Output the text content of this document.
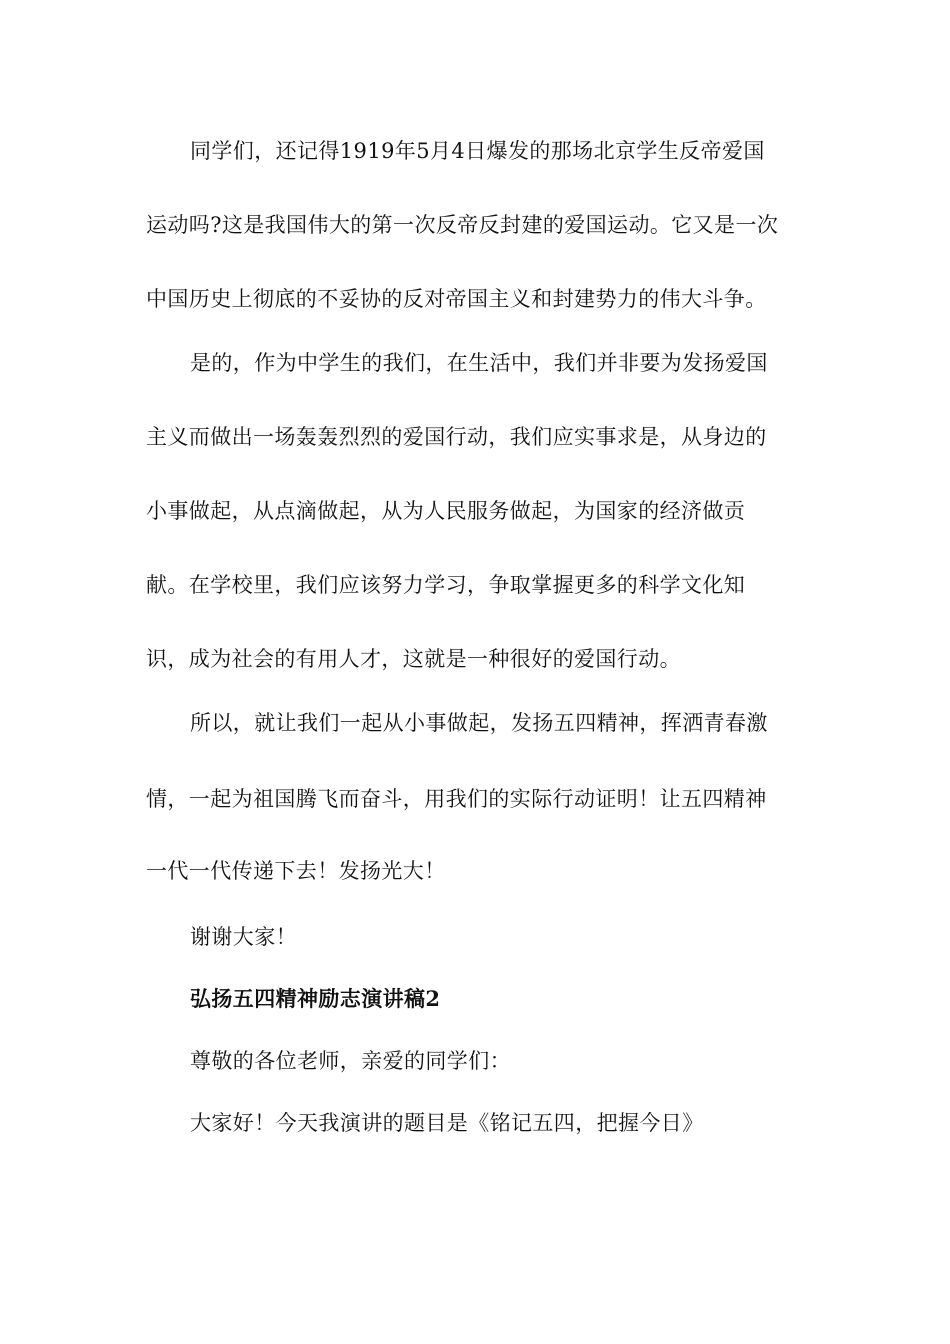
同学们，还记得1919年5月4日爆发的那场北京学生反帝爱国
运动吗?这是我国伟大的第一次反帝反封建的爱国运动。它又是一次
中国历史上彻底的不妥协的反对帝国主义和封建势力的伟大斗争。
是的，作为中学生的我们，在生活中，我们并非要为发扬爱国
主义而做出一场轰轰烈烈的爱国行动，我们应实事求是，从身边的
小事做起，从点滴做起，从为人民服务做起，为国家的经济做贡
献。在学校里，我们应该努力学习，争取掌握更多的科学文化知
识，成为社会的有用人才，这就是一种很好的爱国行动。
所以，就让我们一起从小事做起，发扬五四精神，挥洒青春激
情，一起为祖国腾飞而奋斗，用我们的实际行动证明！让五四精神
一代一代传递下去！发扬光大！
谢谢大家！
弘扬五四精神励志演讲稿2
尊敬的各位老师，亲爱的同学们：
大家好！今天我演讲的题目是《铭记五四，把握今日》
